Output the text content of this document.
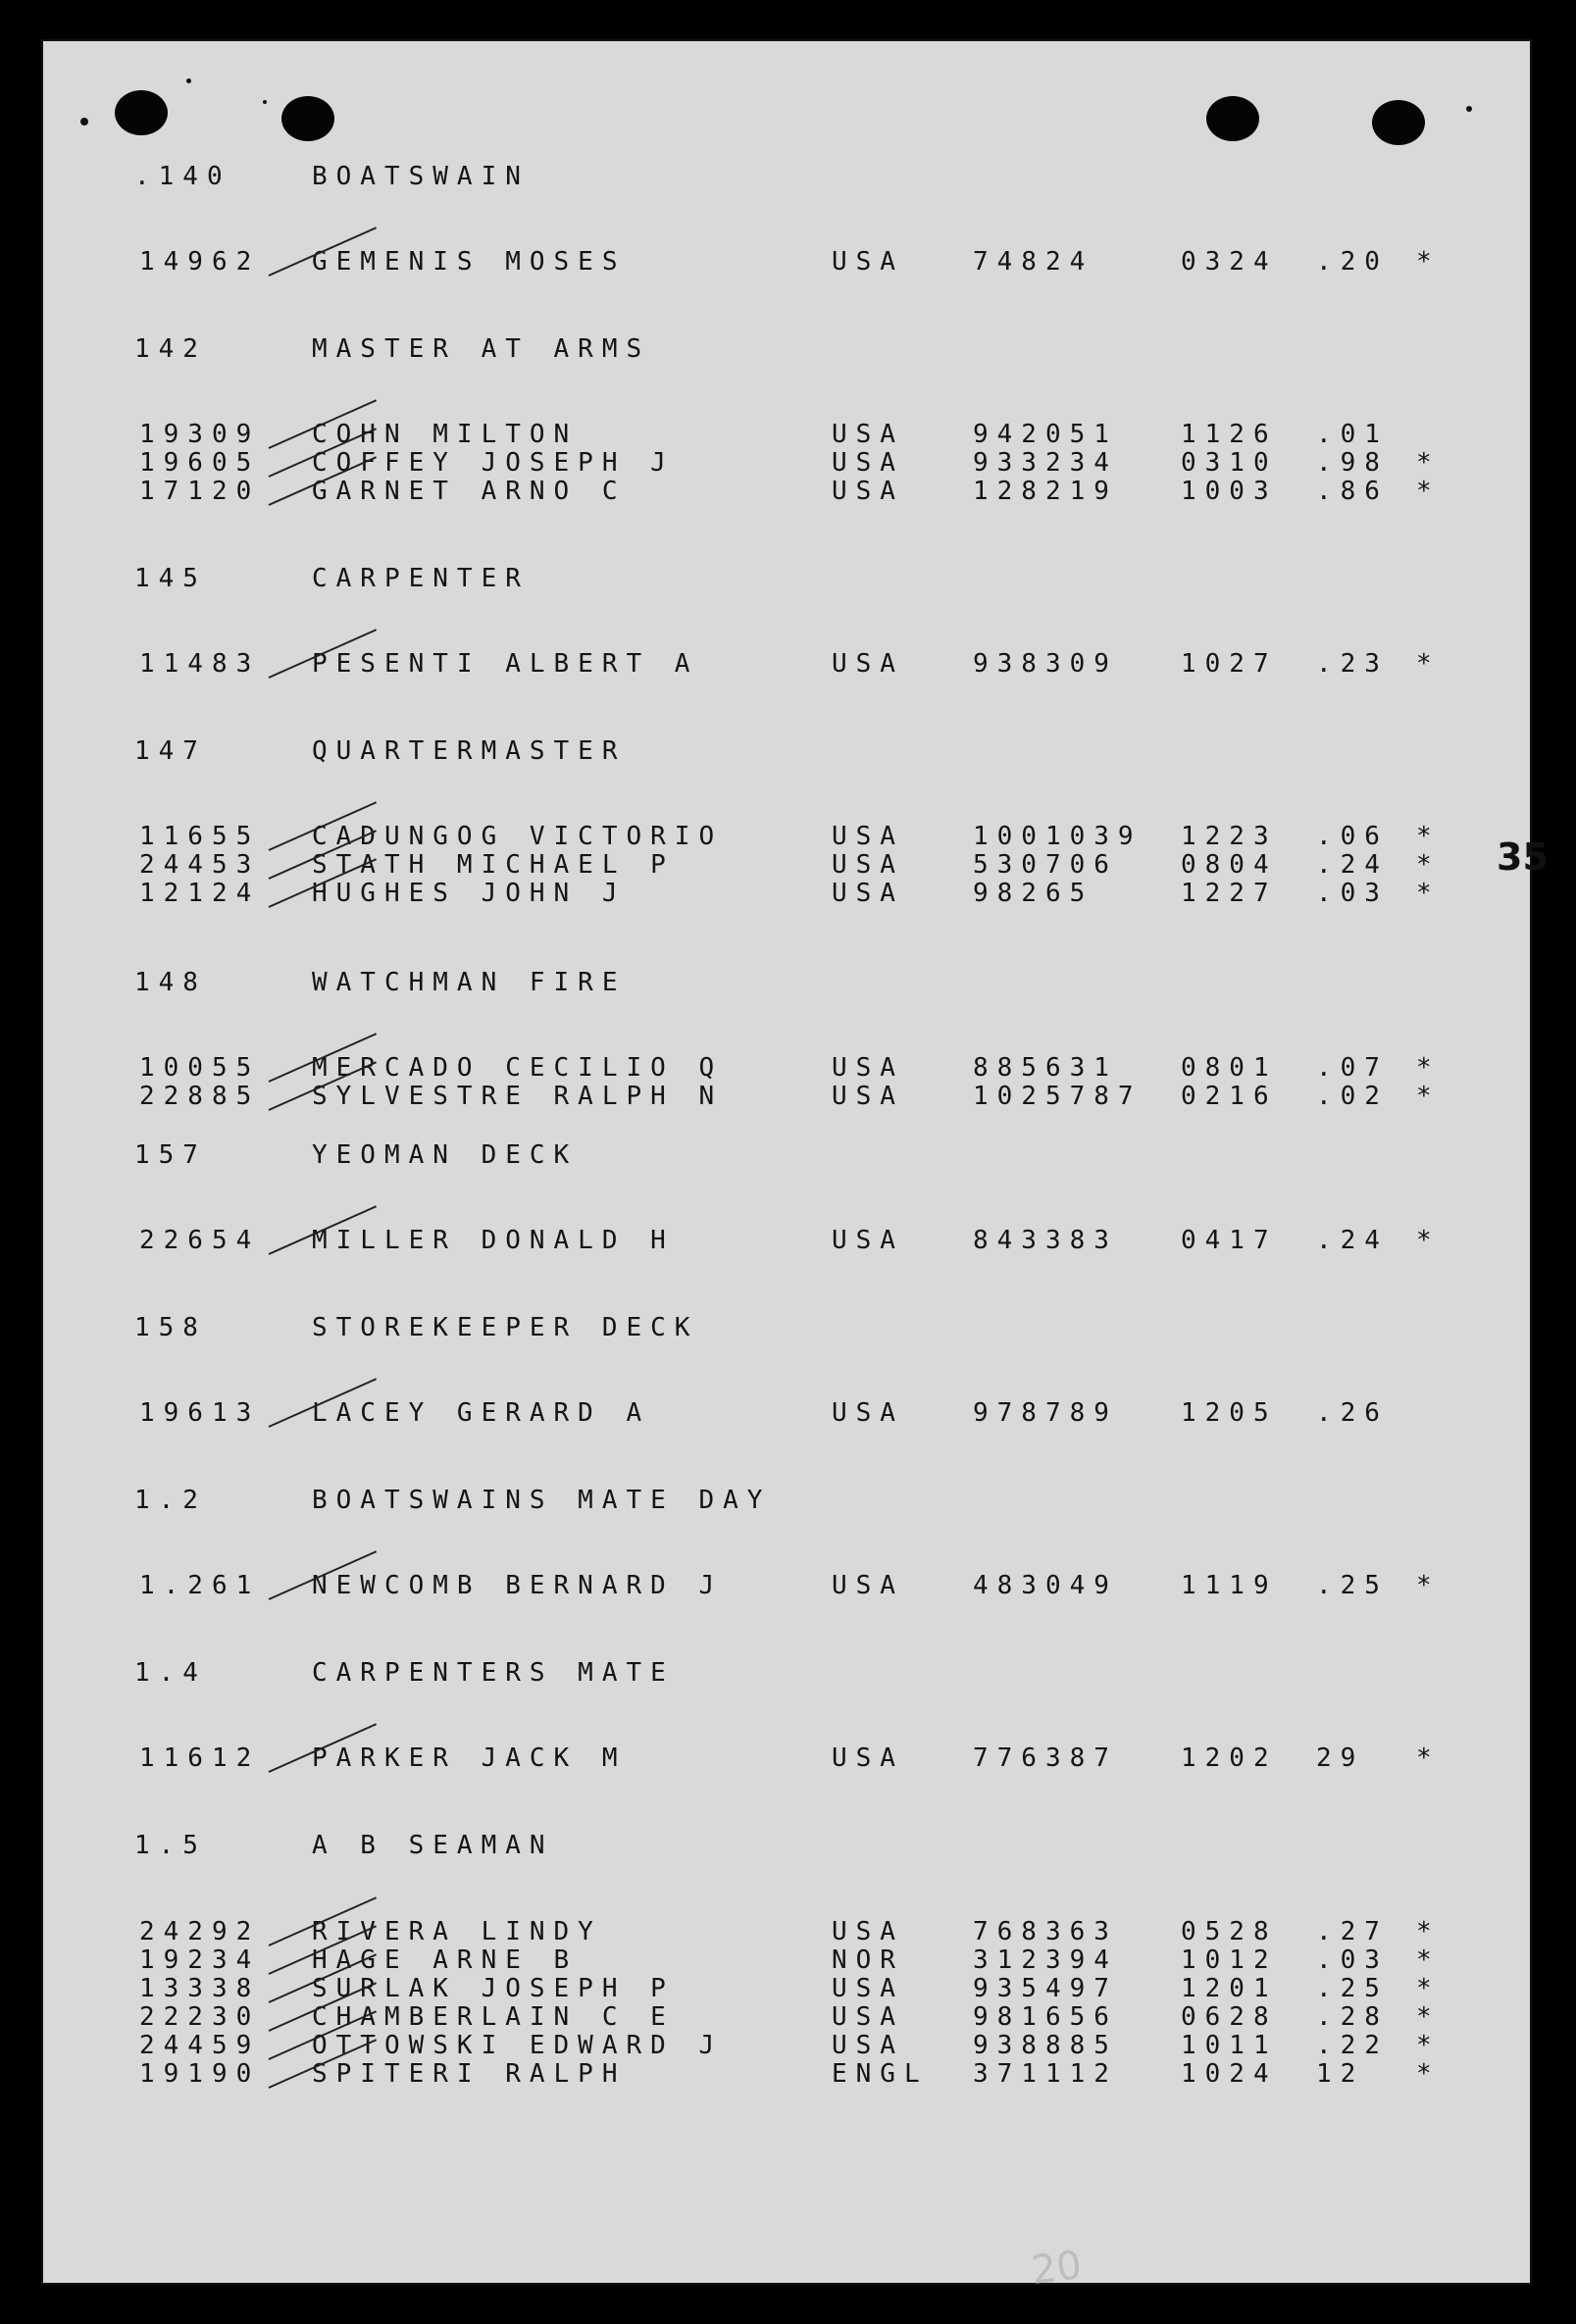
35
20
.140	BOATSWAIN
14962 GEMENIS MOSES	USA	74824	0324 .20 *
142	MASTER AT ARMS
19309 COHN MILTON	USA	942051 1126 .01
19605 COFFEY JOSEPH J	USA	933234 0310 .98 *
17120 GARNET ARNO C	USA	128219 1003 .86 *
145	CARPENTER
11483 PESENTI ALBERT A	USA	938309 1027 .23 *
147	QUARTERMASTER
11655 CADUNGOG VICTORIO	USA	1001039 1223 .06 *
24453 STATH MICHAEL P	USA	530706 0804 .24 *
12124 HUGHES JOHN J	USA	98265	1227 .03 *
148	WATCHMAN FIRE
10055 MERCADO CECILIO Q	USA	885631 0801 .07 *
22885 SYLVESTRE RALPH N	USA	1025787 0216 .02 *
157	YEOMAN DECK
22654 MILLER DONALD H	USA	843383 0417 .24 *
158	STOREKEEPER DECK
19613 LACEY GERARD A	USA	978789 1205 .26
1.2	BOATSWAINS MATE DAY
1.261 NEWCOMB BERNARD J	USA	483049 1119 .25 *
1.4	CARPENTERS MATE
11612 PARKER JACK M	USA	776387 1202 29 *
1.5	A B SEAMAN
24292 RIVERA LINDY	USA	768363 0528 .27 *
19234 HAGE ARNE B	NOR	312394 1012 .03 *
13338 SURLAK JOSEPH P	USA	935497 1201 .25 *
22230 CHAMBERLAIN C E	USA	981656 0628 .28 *
24459 OTTOWSKI EDWARD J	USA	938885 1011 .22 *
19190 SPITERI RALPH	ENGL 371112 1024 12 *
